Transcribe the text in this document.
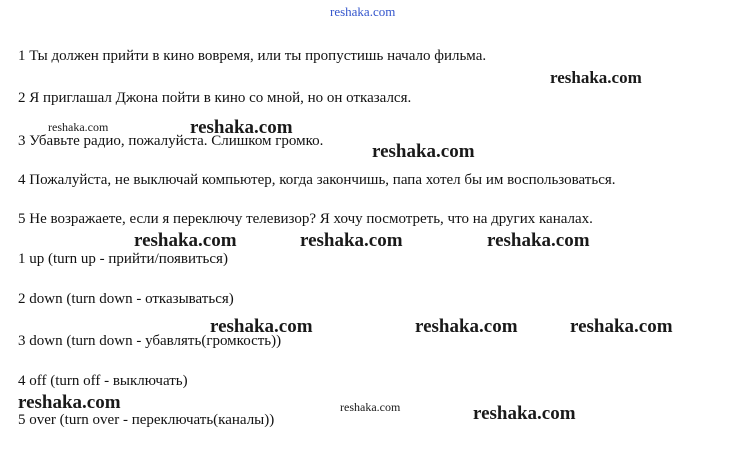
reshaka.com
1 Ты должен прийти в кино вовремя, или ты пропустишь начало фильма.
2 Я приглашал Джона пойти в кино со мной, но он отказался.
3 Убавьте радио, пожалуйста. Слишком громко.
4 Пожалуйста, не выключай компьютер, когда закончишь, папа хотел бы им воспользоваться.
5 Не возражаете, если я переключу телевизор? Я хочу посмотреть, что на других каналах.
1 up (turn up - прийти/появиться)
2 down (turn down - отказываться)
3 down (turn down - убавлять(громкость))
4 off (turn off - выключать)
5 over (turn over - переключать(каналы))
reshaka.com
reshaka.com	reshaka.com
reshaka.com
reshaka.com	reshaka.com	reshaka.com
reshaka.com	reshaka.com	reshaka.com
reshaka.com	reshaka.com	reshaka.com
